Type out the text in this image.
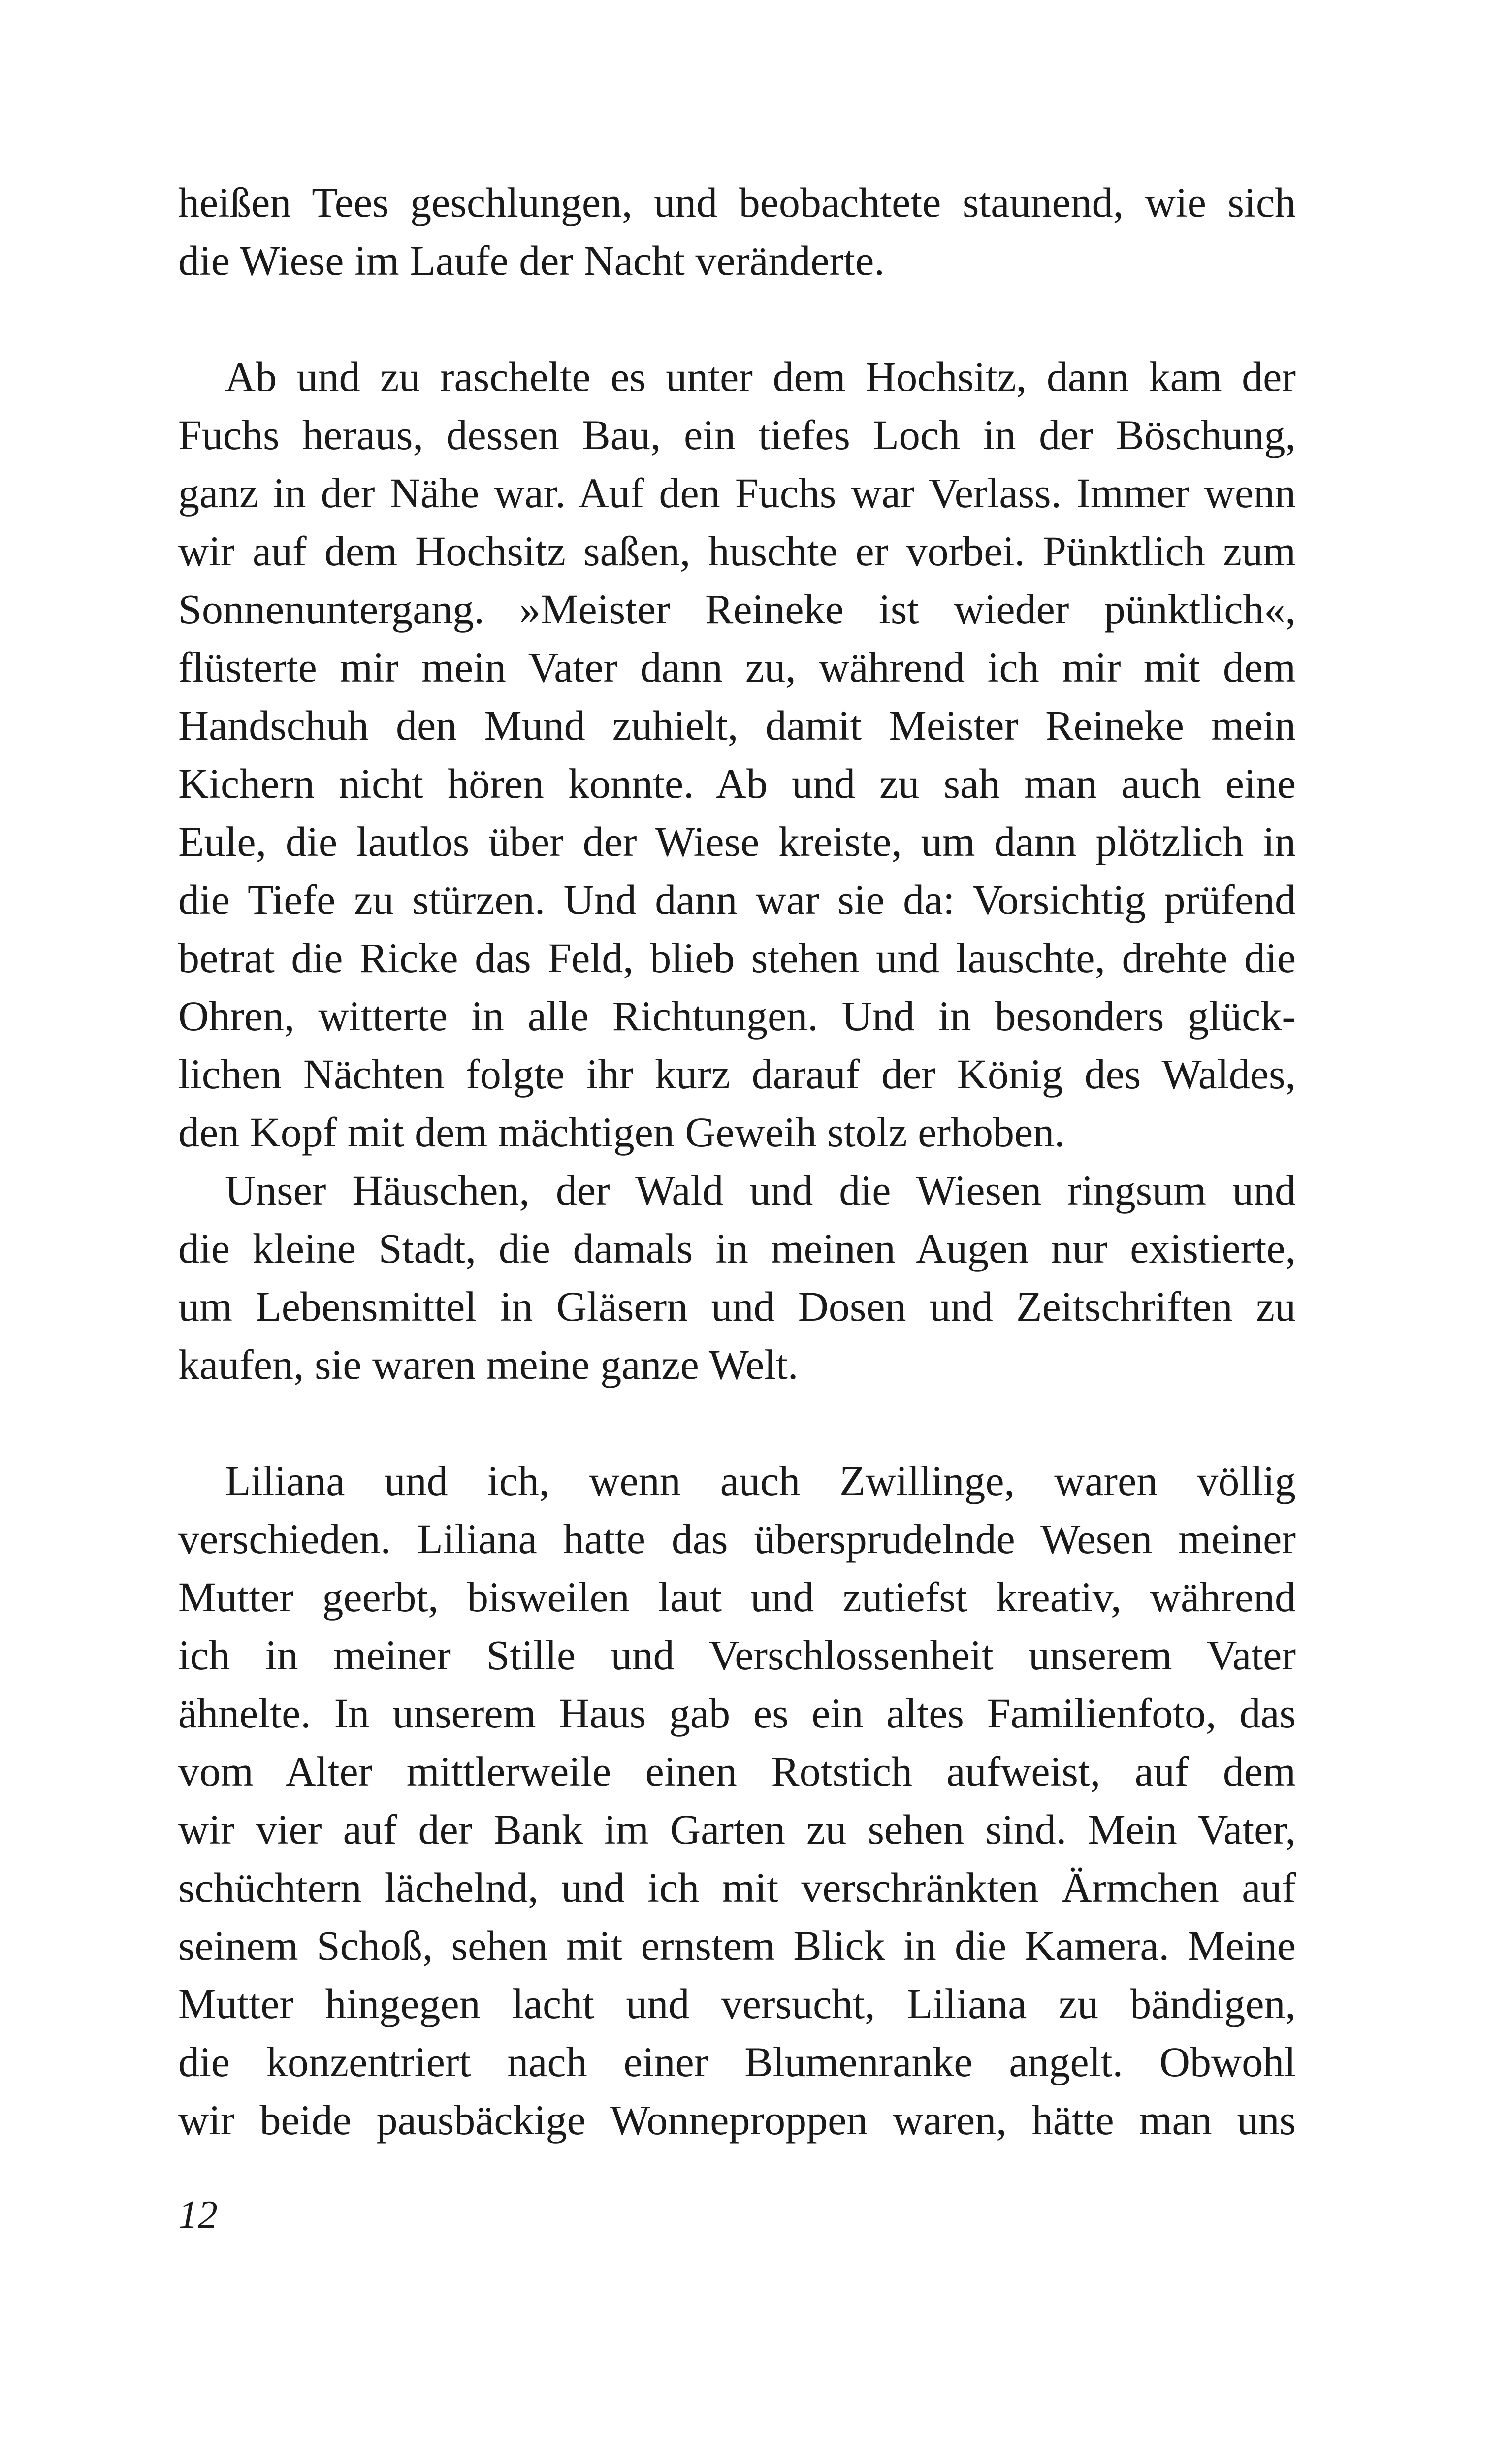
heißen Tees geschlungen, und beobachtete staunend, wie sich
die Wiese im Laufe der Nacht veränderte.
Ab und zu raschelte es unter dem Hochsitz, dann kam der
Fuchs heraus, dessen Bau, ein tiefes Loch in der Böschung,
ganz in der Nähe war. Auf den Fuchs war Verlass. Immer wenn
wir auf dem Hochsitz saßen, huschte er vorbei. Pünktlich zum
Sonnenuntergang. »Meister Reineke ist wieder pünktlich«,
flüsterte mir mein Vater dann zu, während ich mir mit dem
Handschuh den Mund zuhielt, damit Meister Reineke mein
Kichern nicht hören konnte. Ab und zu sah man auch eine
Eule, die lautlos über der Wiese kreiste, um dann plötzlich in
die Tiefe zu stürzen. Und dann war sie da: Vorsichtig prüfend
betrat die Ricke das Feld, blieb stehen und lauschte, drehte die
Ohren, witterte in alle Richtungen. Und in besonders glück-
lichen Nächten folgte ihr kurz darauf der König des Waldes,
den Kopf mit dem mächtigen Geweih stolz erhoben.
Unser Häuschen, der Wald und die Wiesen ringsum und
die kleine Stadt, die damals in meinen Augen nur existierte,
um Lebensmittel in Gläsern und Dosen und Zeitschriften zu
kaufen, sie waren meine ganze Welt.
Liliana und ich, wenn auch Zwillinge, waren völlig
verschieden. Liliana hatte das übersprudelnde Wesen meiner
Mutter geerbt, bisweilen laut und zutiefst kreativ, während
ich in meiner Stille und Verschlossenheit unserem Vater
ähnelte. In unserem Haus gab es ein altes Familienfoto, das
vom Alter mittlerweile einen Rotstich aufweist, auf dem
wir vier auf der Bank im Garten zu sehen sind. Mein Vater,
schüchtern lächelnd, und ich mit verschränkten Ärmchen auf
seinem Schoß, sehen mit ernstem Blick in die Kamera. Meine
Mutter hingegen lacht und versucht, Liliana zu bändigen,
die konzentriert nach einer Blumenranke angelt. Obwohl
wir beide pausbäckige Wonneproppen waren, hätte man uns
12
